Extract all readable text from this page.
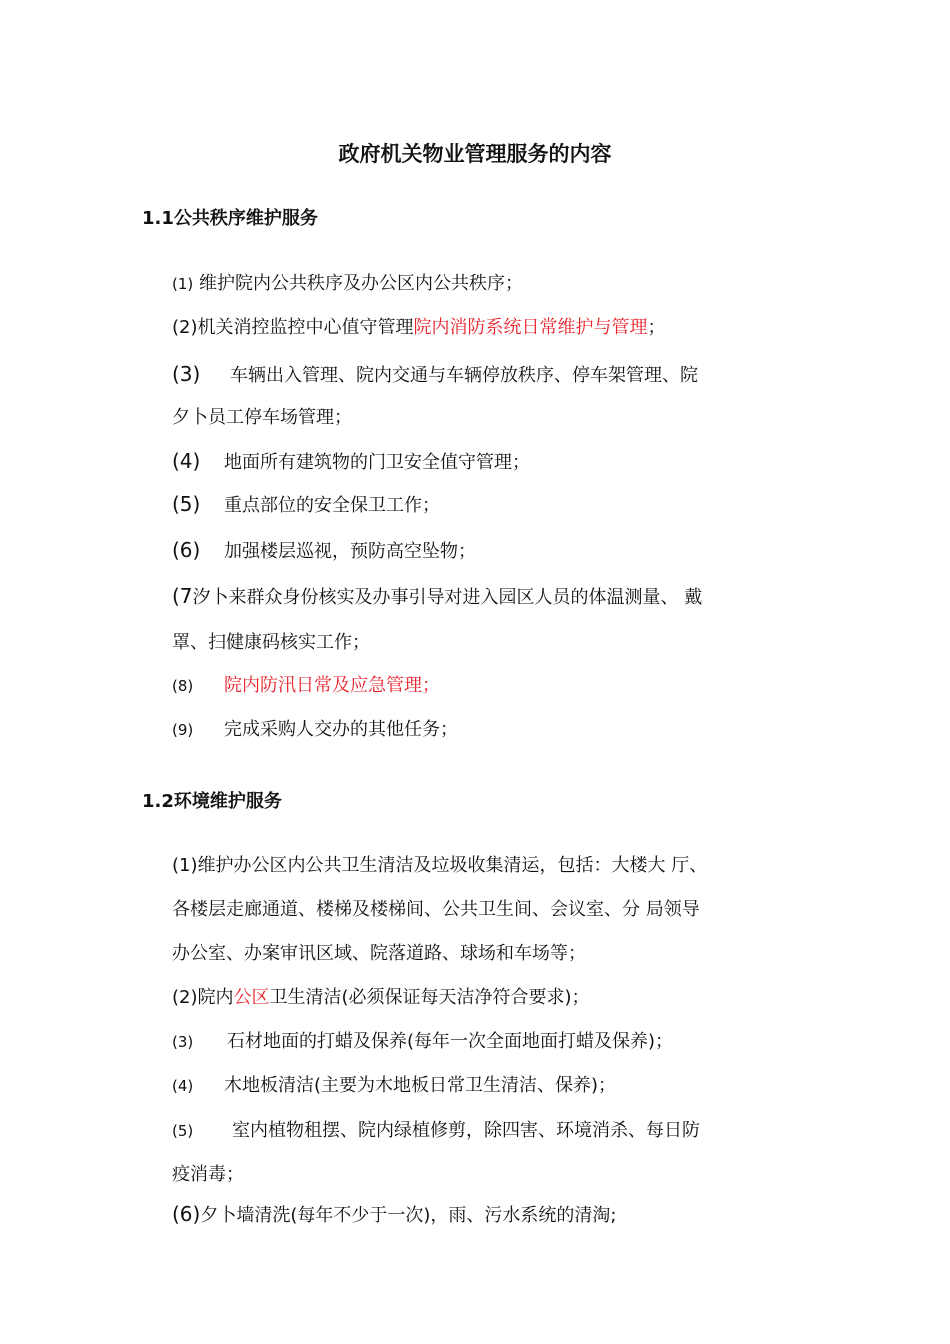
政府机关物业管理服务的内容
1.1公共秩序维护服务
(1) 维护院内公共秩序及办公区内公共秩序；
(2)机关消控监控中心值守管理院内消防系统日常维护与管理；
(3) 车辆出入管理、院内交通与车辆停放秩序、停车架管理、院
夕卜员工停车场管理；
(4) 地面所有建筑物的门卫安全值守管理；
(5) 重点部位的安全保卫工作；
(6) 加强楼层巡视，预防高空坠物；
(7汐卜来群众身份核实及办事引导对进入园区人员的体温测量、 戴
罩、扫健康码核实工作；
(8) 院内防汛日常及应急管理；
(9) 完成采购人交办的其他任务；
1.2环境维护服务
(1)维护办公区内公共卫生清洁及垃圾收集清运，包括：大楼大 厅、
各楼层走廊通道、楼梯及楼梯间、公共卫生间、会议室、分 局领导
办公室、办案审讯区域、院落道路、球场和车场等；
(2)院内公区卫生清洁(必须保证每天洁净符合要求)；
(3) 石材地面的打蜡及保养(每年一次全面地面打蜡及保养)；
(4) 木地板清洁(主要为木地板日常卫生清洁、保养)；
(5) 室内植物租摆、院内绿植修剪，除四害、环境消杀、每日防
疫消毒；
(6)夕卜墙清洗(每年不少于一次)，雨、污水系统的清淘;
